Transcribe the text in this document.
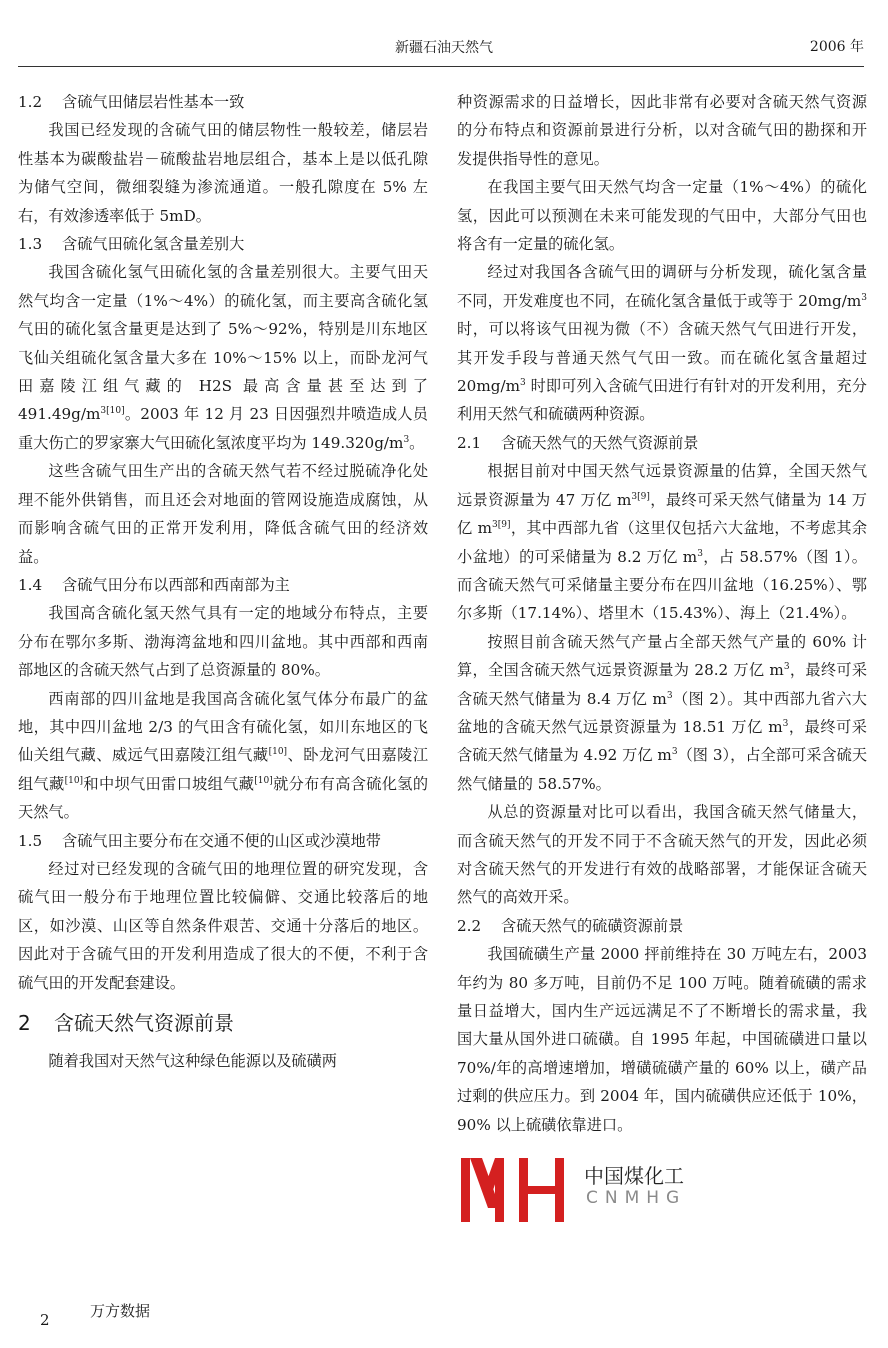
新疆石油天然气	2006 年

1.2 含硫气田储层岩性基本一致

我国已经发现的含硫气田的储层物性一般较差，储层岩性基本为碳酸盐岩－硫酸盐岩地层组合，基本上是以低孔隙为储气空间，微细裂缝为渗流通道。一般孔隙度在 5% 左右，有效渗透率低于 5mD。

1.3 含硫气田硫化氢含量差别大

我国含硫化氢气田硫化氢的含量差别很大。主要气田天然气均含一定量（1%～4%）的硫化氢，而主要高含硫化氢气田的硫化氢含量更是达到了 5%～92%，特别是川东地区飞仙关组硫化氢含量大多在 10%～15% 以上，而卧龙河气田嘉陵江组气藏的 H2S 最高含量甚至达到了 $491.49g/m^{3[10]}$。2003 年 12 月 23 日因强烈井喷造成人员重大伤亡的罗家寨大气田硫化氢浓度平均为 $149.320g/m^3$。

这些含硫气田生产出的含硫天然气若不经过脱硫净化处理不能外供销售，而且还会对地面的管网设施造成腐蚀，从而影响含硫气田的正常开发利用，降低含硫气田的经济效益。

1.4 含硫气田分布以西部和西南部为主

我国高含硫化氢天然气具有一定的地域分布特点，主要分布在鄂尔多斯、渤海湾盆地和四川盆地。其中西部和西南部地区的含硫天然气占到了总资源量的 80%。

西南部的四川盆地是我国高含硫化氢气体分布最广的盆地，其中四川盆地 2/3 的气田含有硫化氢，如川东地区的飞仙关组气藏、威远气田嘉陵江组气藏[10]、卧龙河气田嘉陵江组气藏[10]和中坝气田雷口坡组气藏[10]就分布有高含硫化氢的天然气。

1.5 含硫气田主要分布在交通不便的山区或沙漠地带

经过对已经发现的含硫气田的地理位置的研究发现，含硫气田一般分布于地理位置比较偏僻、交通比较落后的地区，如沙漠、山区等自然条件艰苦、交通十分落后的地区。因此对于含硫气田的开发利用造成了很大的不便，不利于含硫气田的开发配套建设。

2 含硫天然气资源前景

随着我国对天然气这种绿色能源以及硫磺两

种资源需求的日益增长，因此非常有必要对含硫天然气资源的分布特点和资源前景进行分析，以对含硫气田的勘探和开发提供指导性的意见。

在我国主要气田天然气均含一定量（1%～4%）的硫化氢，因此可以预测在未来可能发现的气田中，大部分气田也将含有一定量的硫化氢。

经过对我国各含硫气田的调研与分析发现，硫化氢含量不同，开发难度也不同，在硫化氢含量低于或等于 $20mg/m^3$ 时，可以将该气田视为微（不）含硫天然气气田进行开发，其开发手段与普通天然气气田一致。而在硫化氢含量超过 $20mg/m^3$ 时即可列入含硫气田进行有针对的开发利用，充分利用天然气和硫磺两种资源。

2.1 含硫天然气的天然气资源前景

根据目前对中国天然气远景资源量的估算，全国天然气远景资源量为 47 万亿 $m^{3[9]}$，最终可采天然气储量为 14 万亿 $m^{3[9]}$，其中西部九省（这里仅包括六大盆地，不考虑其余小盆地）的可采储量为 8.2 万亿 $m^3$，占 58.57%（图 1）。而含硫天然气可采储量主要分布在四川盆地（16.25%）、鄂尔多斯（17.14%）、塔里木（15.43%）、海上（21.4%）。

按照目前含硫天然气产量占全部天然气产量的 60% 计算，全国含硫天然气远景资源量为 28.2 万亿 $m^3$，最终可采含硫天然气储量为 8.4 万亿 $m^3$（图 2）。其中西部九省六大盆地的含硫天然气远景资源量为 18.51 万亿 $m^3$，最终可采含硫天然气储量为 4.92 万亿 $m^3$（图 3），占全部可采含硫天然气储量的 58.57%。

从总的资源量对比可以看出，我国含硫天然气储量大，而含硫天然气的开发不同于不含硫天然气的开发，因此必须对含硫天然气的开发进行有效的战略部署，才能保证含硫天然气的高效开采。

2.2 含硫天然气的硫磺资源前景

我国硫磺生产量 2000 抨前维持在 30 万吨左右，2003 年约为 80 多万吨，目前仍不足 100 万吨。随着硫磺的需求量日益增大，国内生产远远满足不了不断增长的需求量，我国大量从国外进口硫磺。自 1995 年起，中国硫磺进口量以 70%/年的高增速增加，增磺硫磺产量的 60% 以上，磺产品过剩的供应压力。到 2004 年，国内硫磺供应还低于 10%，90% 以上硫磺依靠进口。

中国煤化工
CNMHG
2	万方数据
